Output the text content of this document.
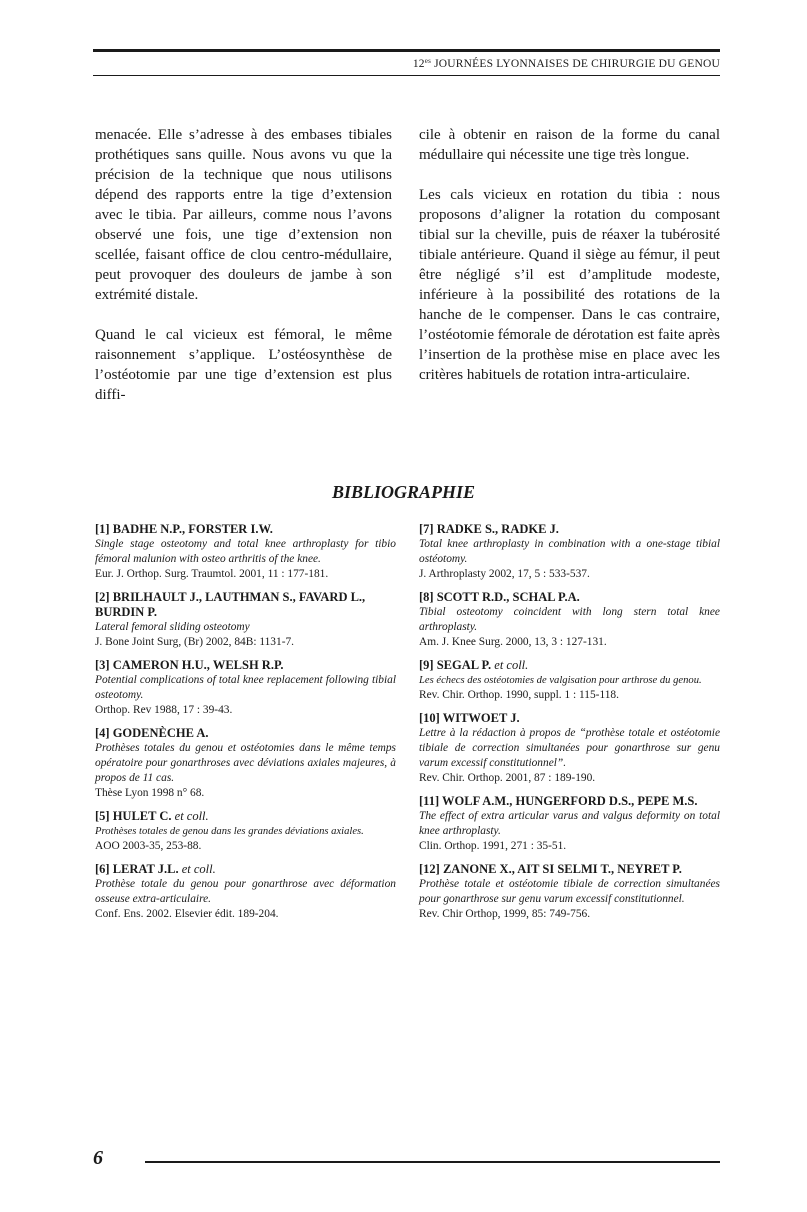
$12^{es}$ JOURNÉES LYONNAISES DE CHIRURGIE DU GENOU

menacée. Elle s’adresse à des embases tibiales prothétiques sans quille. Nous avons vu que la précision de la technique que nous utilisons dépend des rapports entre la tige d’extension avec le tibia. Par ailleurs, comme nous l’avons observé une fois, une tige d’extension non scellée, faisant office de clou centro-médullaire, peut provoquer des douleurs de jambe à son extrémité distale.

Quand le cal vicieux est fémoral, le même raisonnement s’applique. L’ostéosynthèse de l’ostéotomie par une tige d’extension est plus diffi-

cile à obtenir en raison de la forme du canal médullaire qui nécessite une tige très longue.

Les cals vicieux en rotation du tibia : nous proposons d’aligner la rotation du composant tibial sur la cheville, puis de réaxer la tubérosité tibiale antérieure. Quand il siège au fémur, il peut être négligé s’il est d’amplitude modeste, inférieure à la possibilité des rotations de la hanche de le compenser. Dans le cas contraire, l’ostéotomie fémorale de dérotation est faite après l’insertion de la prothèse mise en place avec les critères habituels de rotation intra-articulaire.

BIBLIOGRAPHIE
[1] BADHE N.P., FORSTER I.W.
Single stage osteotomy and total knee arthroplasty for tibio fémoral malunion with osteo arthritis of the knee.
Eur. J. Orthop. Surg. Traumtol. 2001, 11 : 177-181.
[2] BRILHAULT J., LAUTHMAN S., FAVARD L., BURDIN P.
Lateral femoral sliding osteotomy
J. Bone Joint Surg, (Br) 2002, 84B: 1131-7.
[3] CAMERON H.U., WELSH R.P.
Potential complications of total knee replacement following tibial osteotomy.
Orthop. Rev 1988, 17 : 39-43.
[4] GODENÈCHE A.
Prothèses totales du genou et ostéotomies dans le même temps opératoire pour gonarthroses avec déviations axiales majeures, à propos de 11 cas.
Thèse Lyon 1998 n° 68.
[5] HULET C. et coll.
Prothèses totales de genou dans les grandes déviations axiales.
AOO 2003-35, 253-88.
[6] LERAT J.L. et coll.
Prothèse totale du genou pour gonarthrose avec déformation osseuse extra-articulaire.
Conf. Ens. 2002. Elsevier édit. 189-204.
[7] RADKE S., RADKE J.
Total knee arthroplasty in combination with a one-stage tibial ostéotomy.
J. Arthroplasty 2002, 17, 5 : 533-537.
[8] SCOTT R.D., SCHAL P.A.
Tibial osteotomy coincident with long stern total knee arthroplasty.
Am. J. Knee Surg. 2000, 13, 3 : 127-131.
[9] SEGAL P. et coll.
Les échecs des ostéotomies de valgisation pour arthrose du genou.
Rev. Chir. Orthop. 1990, suppl. 1 : 115-118.
[10] WITWOET J.
Lettre à la rédaction à propos de “prothèse totale et ostéotomie tibiale de correction simultanées pour gonarthrose sur genu varum excessif constitutionnel”.
Rev. Chir. Orthop. 2001, 87 : 189-190.
[11] WOLF A.M., HUNGERFORD D.S., PEPE M.S.
The effect of extra articular varus and valgus deformity on total knee arthroplasty.
Clin. Orthop. 1991, 271 : 35-51.
[12] ZANONE X., AIT SI SELMI T., NEYRET P.
Prothèse totale et ostéotomie tibiale de correction simultanées pour gonarthrose sur genu varum excessif constitutionnel.
Rev. Chir Orthop, 1999, 85: 749-756.
6
